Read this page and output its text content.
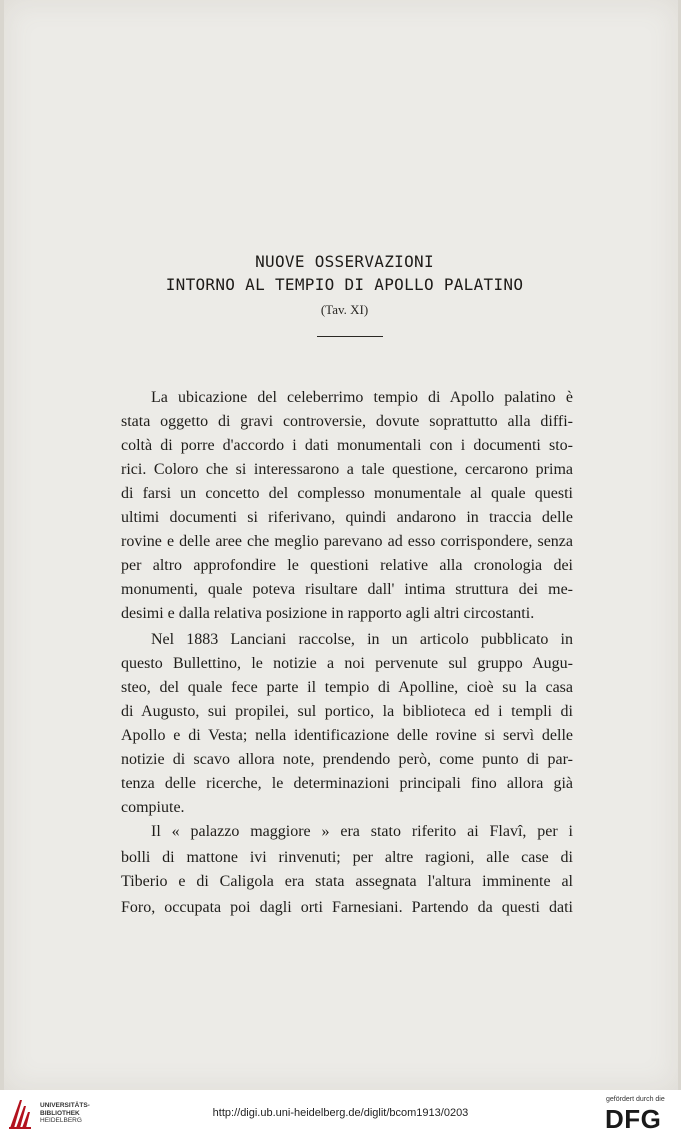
NUOVE OSSERVAZIONI
INTORNO AL TEMPIO DI APOLLO PALATINO
(Tav. XI)
La ubicazione del celeberrimo tempio di Apollo palatino è
stata oggetto di gravi controversie, dovute soprattutto alla diffi-
coltà di porre d'accordo i dati monumentali con i documenti sto-
rici. Coloro che si interessarono a tale questione, cercarono prima
di farsi un concetto del complesso monumentale al quale questi
ultimi documenti si riferivano, quindi andarono in traccia delle
rovine e delle aree che meglio parevano ad esso corrispondere, senza
per altro approfondire le questioni relative alla cronologia dei
monumenti, quale poteva risultare dall' intima struttura dei me-
desimi e dalla relativa posizione in rapporto agli altri circostanti.
Nel 1883 Lanciani raccolse, in un articolo pubblicato in
questo Bullettino, le notizie a noi pervenute sul gruppo Augu-
steo, del quale fece parte il tempio di Apolline, cioè su la casa
di Augusto, sui propilei, sul portico, la biblioteca ed i templi di
Apollo e di Vesta; nella identificazione delle rovine si servì delle
notizie di scavo allora note, prendendo però, come punto di par-
tenza delle ricerche, le determinazioni principali fino allora già
compiute.
Il « palazzo maggiore » era stato riferito ai Flavî, per i
bolli di mattone ivi rinvenuti; per altre ragioni, alle case di
Tiberio e di Caligola era stata assegnata l'altura imminente al
Foro, occupata poi dagli orti Farnesiani. Partendo da questi dati
UNIVERSITÄTS-
BIBLIOTHEK
HEIDELBERG
http://digi.ub.uni-heidelberg.de/diglit/bcom1913/0203
gefördert durch die
DFG
